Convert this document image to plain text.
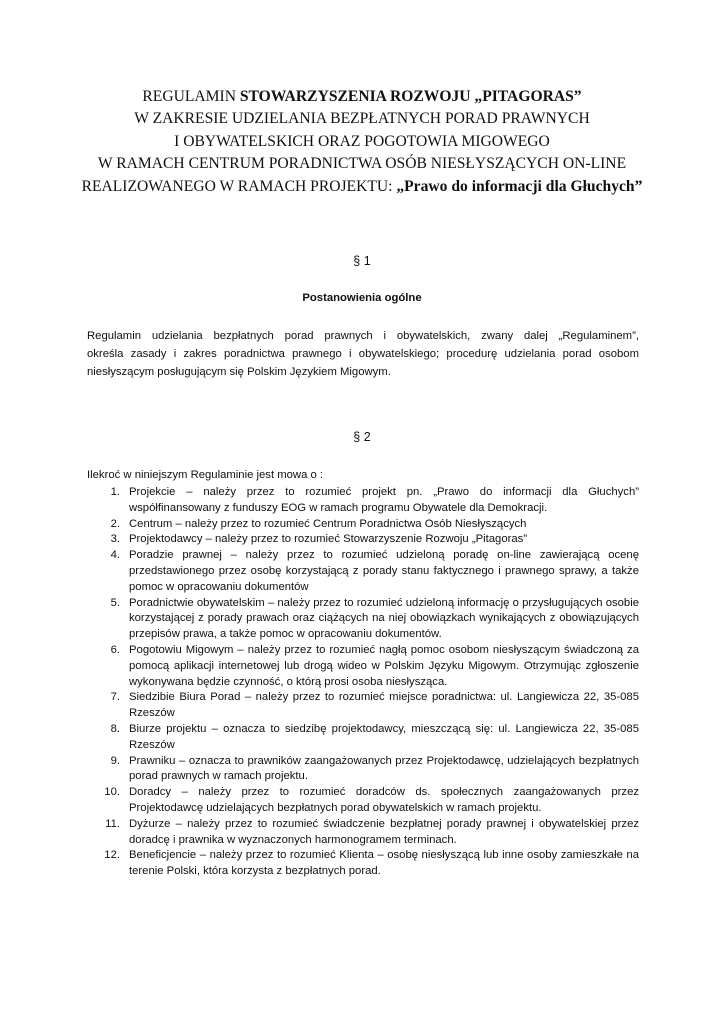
REGULAMIN STOWARZYSZENIA ROZWOJU „PITAGORAS”
W ZAKRESIE UDZIELANIA BEZPŁATNYCH PORAD PRAWNYCH
I OBYWATELSKICH ORAZ POGOTOWIA MIGOWEGO
W RAMACH CENTRUM PORADNICTWA OSÓB NIESŁYSZĄCYCH ON-LINE
REALIZOWANEGO W RAMACH PROJEKTU: „Prawo do informacji dla Głuchych”
§ 1
Postanowienia ogólne
Regulamin udzielania bezpłatnych porad prawnych i obywatelskich, zwany dalej „Regulaminem”,
określa zasady i zakres poradnictwa prawnego i obywatelskiego; procedurę udzielania porad osobom
niesłyszącym posługującym się Polskim Językiem Migowym.
§ 2
Ilekroć w niniejszym Regulaminie jest mowa o :
1. Projekcie – należy przez to rozumieć projekt pn. „Prawo do informacji dla Głuchych” współfinansowany z funduszy EOG w ramach programu Obywatele dla Demokracji.
2. Centrum – należy przez to rozumieć Centrum Poradnictwa Osób Niesłyszących
3. Projektodawcy – należy przez to rozumieć Stowarzyszenie Rozwoju „Pitagoras”
4. Poradzie prawnej – należy przez to rozumieć udzieloną poradę on-line zawierającą ocenę przedstawionego przez osobę korzystającą z porady stanu faktycznego i prawnego sprawy, a także pomoc w opracowaniu dokumentów
5. Poradnictwie obywatelskim – należy przez to rozumieć udzieloną informację o przysługujących osobie korzystającej z porady prawach oraz ciążących na niej obowiązkach wynikających z obowiązujących przepisów prawa, a także pomoc w opracowaniu dokumentów.
6. Pogotowiu Migowym – należy przez to rozumieć nagłą pomoc osobom niesłyszącym świadczoną za pomocą aplikacji internetowej lub drogą wideo w Polskim Języku Migowym. Otrzymując zgłoszenie wykonywana będzie czynność, o którą prosi osoba niesłysząca.
7. Siedzibie Biura Porad – należy przez to rozumieć miejsce poradnictwa: ul. Langiewicza 22, 35-085 Rzeszów
8. Biurze projektu – oznacza to siedzibę projektodawcy, mieszczącą się: ul. Langiewicza 22, 35-085 Rzeszów
9. Prawniku – oznacza to prawników zaangażowanych przez Projektodawcę, udzielających bezpłatnych porad prawnych w ramach projektu.
10. Doradcy – należy przez to rozumieć doradców ds. społecznych zaangażowanych przez Projektodawcę udzielających bezpłatnych porad obywatelskich w ramach projektu.
11. Dyżurze – należy przez to rozumieć świadczenie bezpłatnej porady prawnej i obywatelskiej przez doradcę i prawnika w wyznaczonych harmonogramem terminach.
12. Beneficjencie – należy przez to rozumieć Klienta – osobę niesłyszącą lub inne osoby zamieszkałe na terenie Polski, która korzysta z bezpłatnych porad.
